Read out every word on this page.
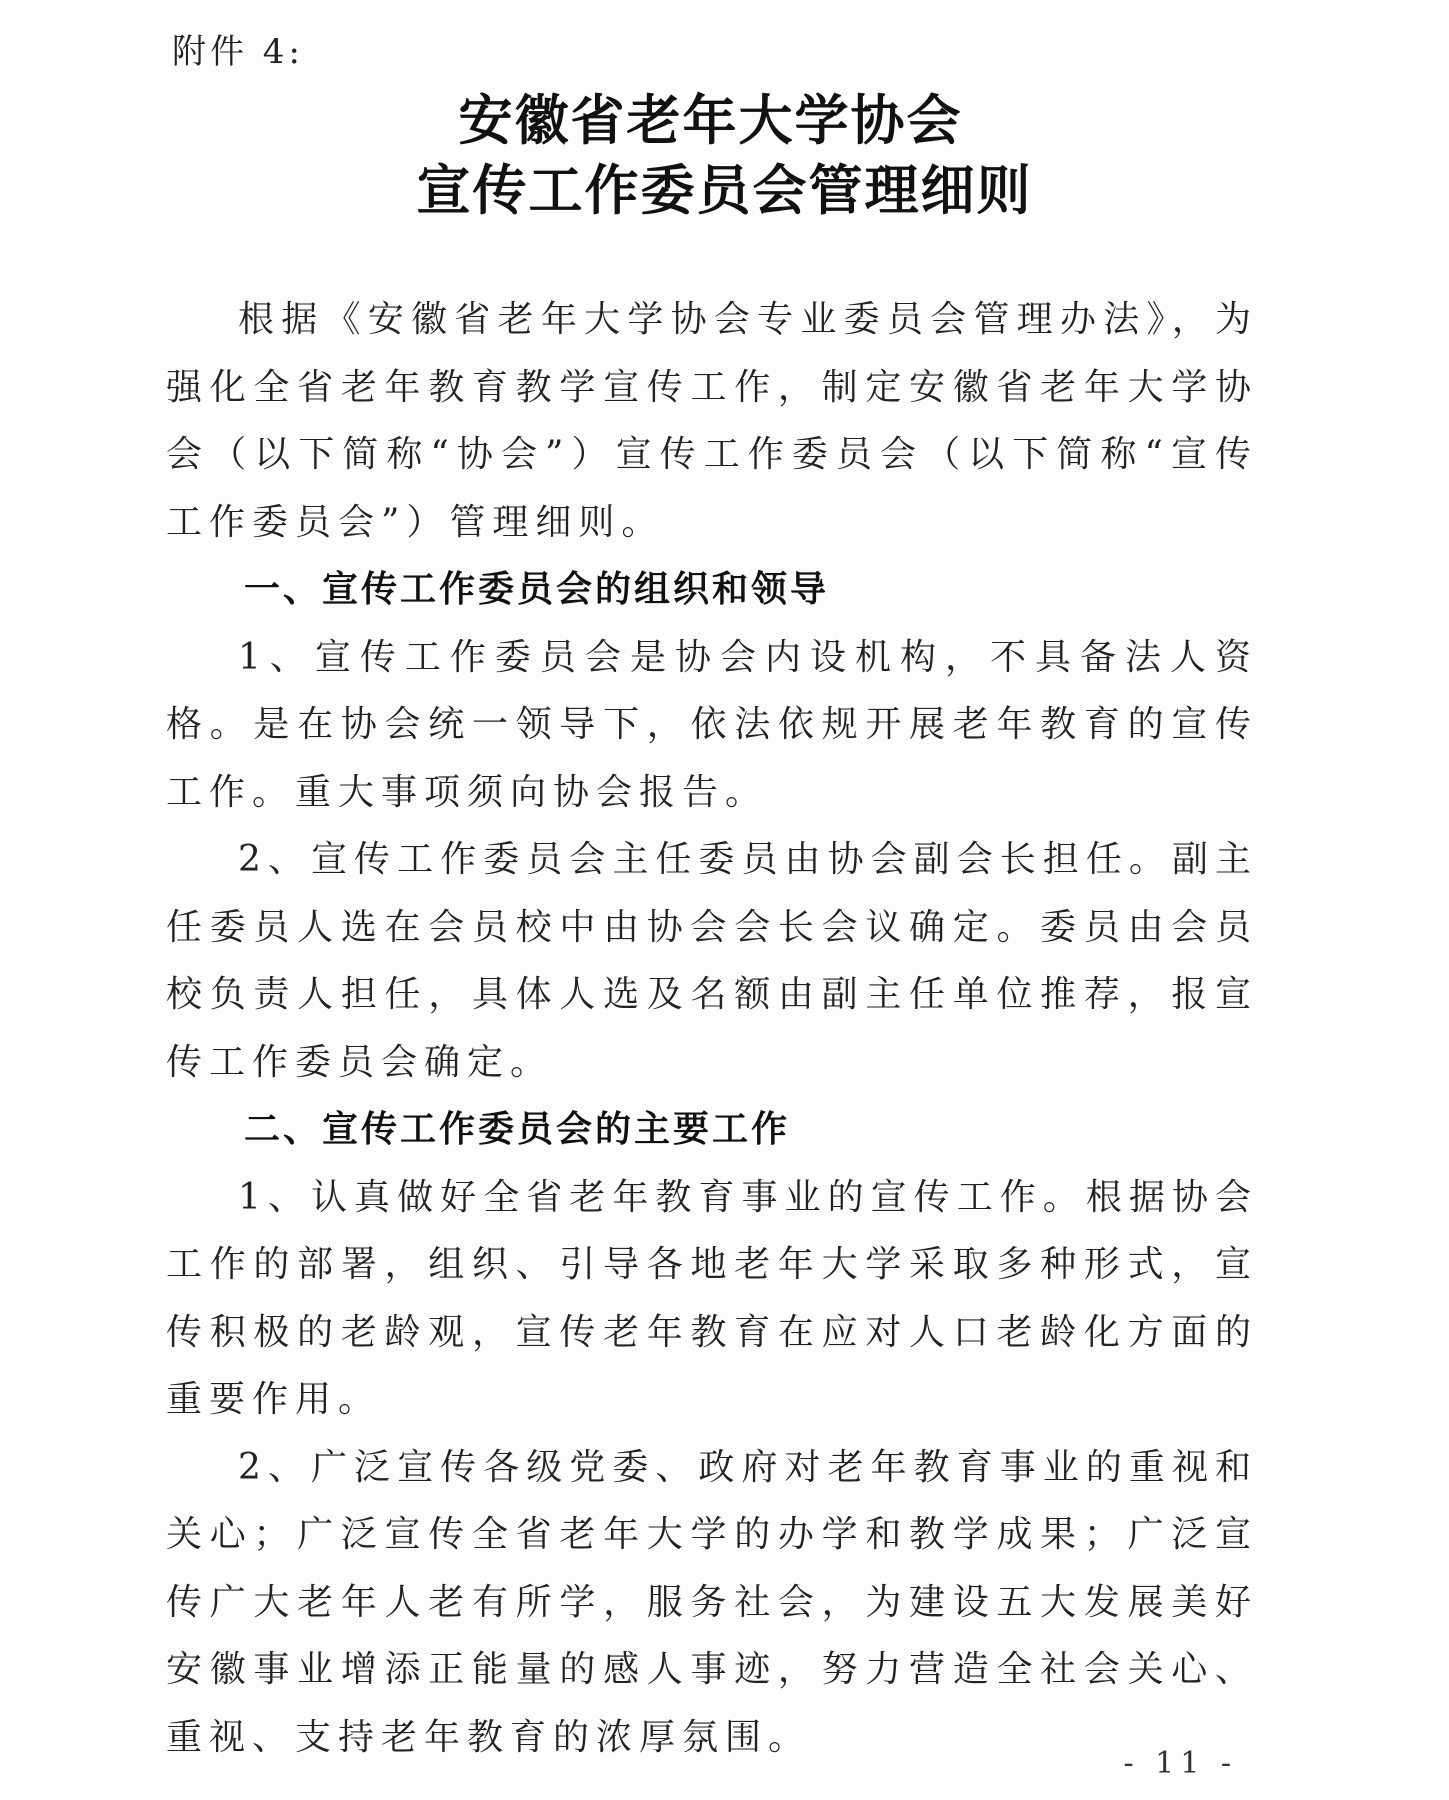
附件 4:
安徽省老年大学协会
宣传工作委员会管理细则

根据《安徽省老年大学协会专业委员会管理办法》，为强化全省老年教育教学宣传工作，制定安徽省老年大学协会（以下简称“协会”）宣传工作委员会（以下简称“宣传工作委员会”）管理细则。

一、宣传工作委员会的组织和领导

1、宣传工作委员会是协会内设机构，不具备法人资格。是在协会统一领导下，依法依规开展老年教育的宣传工作。重大事项须向协会报告。

2、宣传工作委员会主任委员由协会副会长担任。副主任委员人选在会员校中由协会会长会议确定。委员由会员校负责人担任，具体人选及名额由副主任单位推荐，报宣传工作委员会确定。

二、宣传工作委员会的主要工作

1、认真做好全省老年教育事业的宣传工作。根据协会工作的部署，组织、引导各地老年大学采取多种形式，宣传积极的老龄观，宣传老年教育在应对人口老龄化方面的重要作用。

2、广泛宣传各级党委、政府对老年教育事业的重视和关心；广泛宣传全省老年大学的办学和教学成果；广泛宣传广大老年人老有所学，服务社会，为建设五大发展美好安徽事业增添正能量的感人事迹，努力营造全社会关心、重视、支持老年教育的浓厚氛围。

- 11 -
